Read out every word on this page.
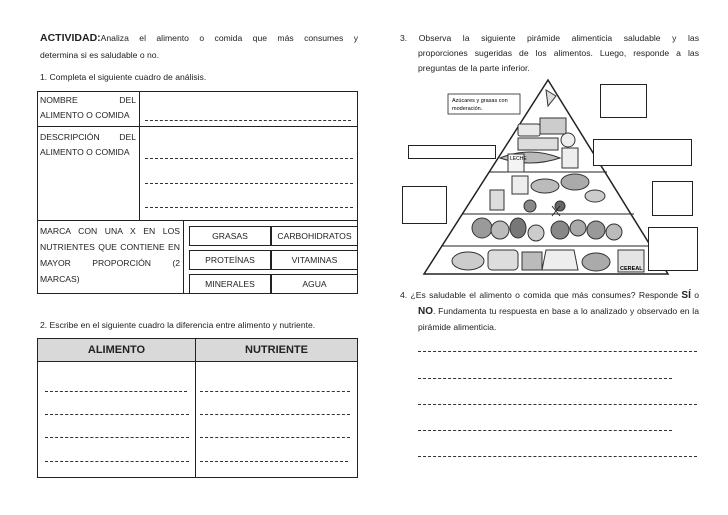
ACTIVIDAD:Analiza el alimento o comida que más consumes y
determina si es saludable o no.
1. Completa el siguiente cuadro de análisis.
NOMBRE DEL
ALIMENTO O COMIDA
DESCRIPCIÓN DEL
ALIMENTO O COMIDA
MARCA CON UNA X EN LOS
NUTRIENTES QUE CONTIENE EN
MAYOR PROPORCIÓN (2
MARCAS)
GRASAS	CARBOHIDRATOS
PROTEÍNAS	VITAMINAS
MINERALES	AGUA
2. Escribe en el siguiente cuadro la diferencia entre alimento y nutriente.
ALIMENTO	NUTRIENTE
3. Observa la siguiente pirámide alimenticia saludable y las
proporciones sugeridas de los alimentos. Luego, responde a las
preguntas de la parte inferior.
LECHE
CEREAL
Azúcares y grasas con
moderación.
4. ¿Es saludable el alimento o comida que más consumes? Responde SÍ o
NO. Fundamenta tu respuesta en base a lo analizado y observado en la
pirámide alimenticia.
